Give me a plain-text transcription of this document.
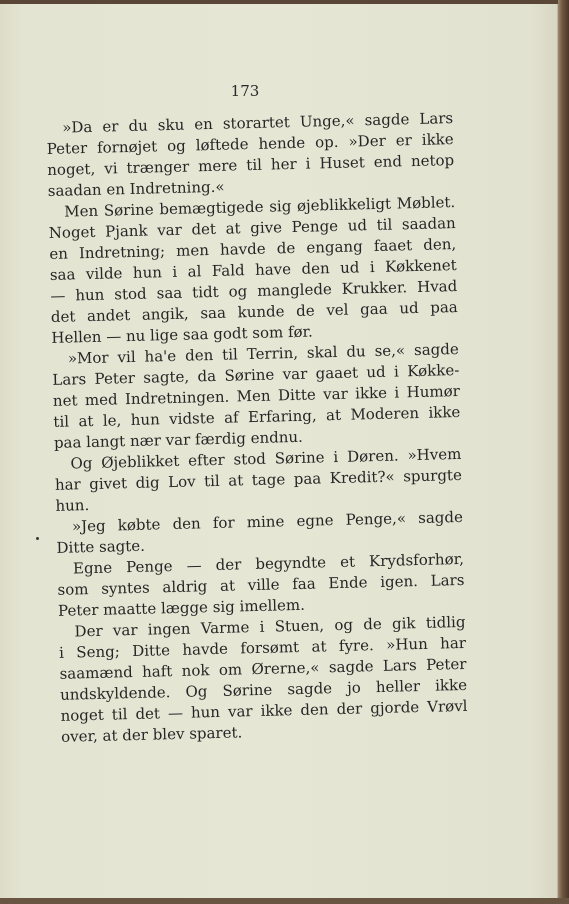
173
»Da er du sku en storartet Unge,« sagde Lars
Peter fornøjet og løftede hende op. »Der er ikke
noget, vi trænger mere til her i Huset end netop
saadan en Indretning.«
Men Sørine bemægtigede sig øjeblikkeligt Møblet.
Noget Pjank var det at give Penge ud til saadan
en Indretning; men havde de engang faaet den,
saa vilde hun i al Fald have den ud i Køkkenet
— hun stod saa tidt og manglede Krukker. Hvad
det andet angik, saa kunde de vel gaa ud paa
Hellen — nu lige saa godt som før.
»Mor vil ha'e den til Terrin, skal du se,« sagde
Lars Peter sagte, da Sørine var gaaet ud i Køkke-
net med Indretningen. Men Ditte var ikke i Humør
til at le, hun vidste af Erfaring, at Moderen ikke
paa langt nær var færdig endnu.
Og Øjeblikket efter stod Sørine i Døren. »Hvem
har givet dig Lov til at tage paa Kredit?« spurgte
hun.
»Jeg købte den for mine egne Penge,« sagde
Ditte sagte.
Egne Penge — der begyndte et Krydsforhør,
som syntes aldrig at ville faa Ende igen. Lars
Peter maatte lægge sig imellem.
Der var ingen Varme i Stuen, og de gik tidlig
i Seng; Ditte havde forsømt at fyre. »Hun har
saamænd haft nok om Ørerne,« sagde Lars Peter
undskyldende. Og Sørine sagde jo heller ikke
noget til det — hun var ikke den der gjorde Vrøvl
over, at der blev sparet.
